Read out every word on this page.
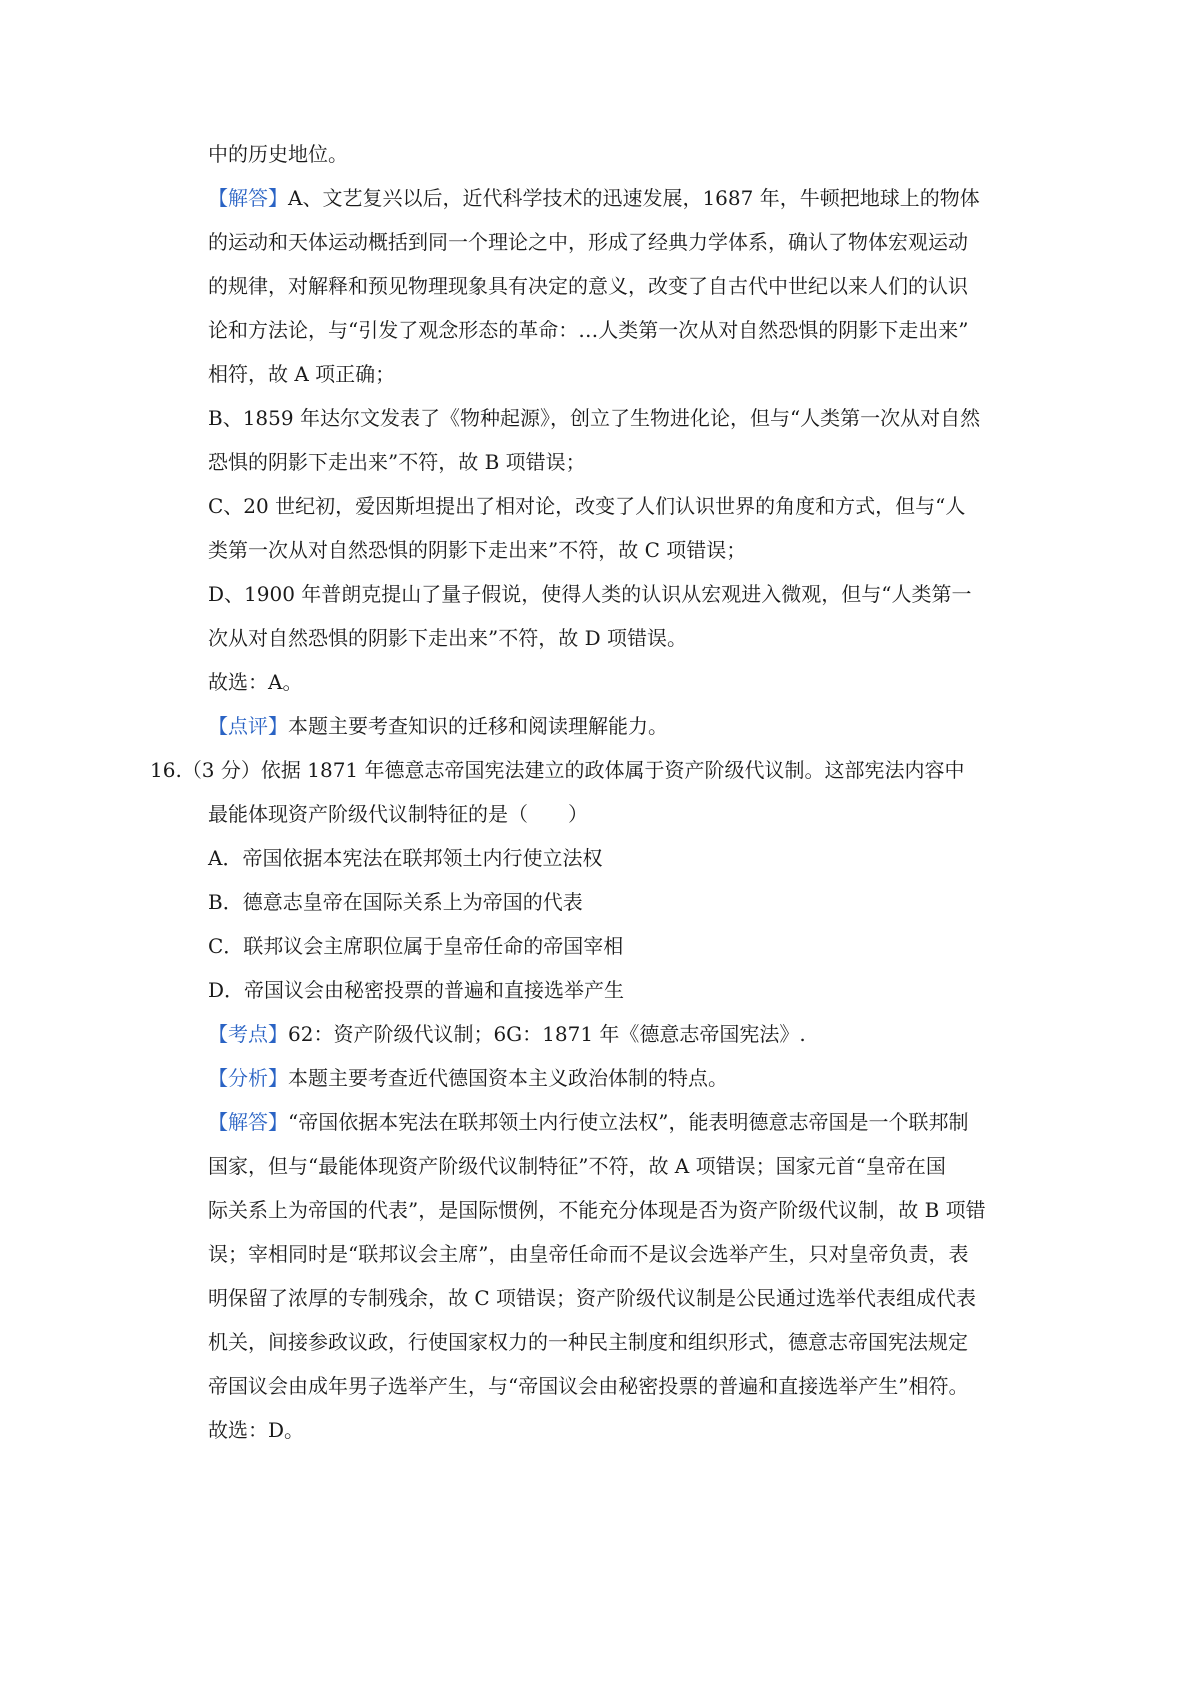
中的历史地位。
【解答】A、文艺复兴以后，近代科学技术的迅速发展，1687 年，牛顿把地球上的物体
的运动和天体运动概括到同一个理论之中，形成了经典力学体系，确认了物体宏观运动
的规律，对解释和预见物理现象具有决定的意义，改变了自古代中世纪以来人们的认识
论和方法论，与“引发了观念形态的革命：…人类第一次从对自然恐惧的阴影下走出来”
相符，故 A 项正确；
B、1859 年达尔文发表了《物种起源》，创立了生物进化论，但与“人类第一次从对自然
恐惧的阴影下走出来”不符，故 B 项错误；
C、20 世纪初，爱因斯坦提出了相对论，改变了人们认识世界的角度和方式，但与“人
类第一次从对自然恐惧的阴影下走出来”不符，故 C 项错误；
D、1900 年普朗克提山了量子假说，使得人类的认识从宏观进入微观，但与“人类第一
次从对自然恐惧的阴影下走出来”不符，故 D 项错误。
故选：A。
【点评】本题主要考查知识的迁移和阅读理解能力。
16.（3 分）依据 1871 年德意志帝国宪法建立的政体属于资产阶级代议制。这部宪法内容中
最能体现资产阶级代议制特征的是（　　）
A．帝国依据本宪法在联邦领土内行使立法权
B．德意志皇帝在国际关系上为帝国的代表
C．联邦议会主席职位属于皇帝任命的帝国宰相
D．帝国议会由秘密投票的普遍和直接选举产生
【考点】62：资产阶级代议制；6G：1871 年《德意志帝国宪法》.
【分析】本题主要考查近代德国资本主义政治体制的特点。
【解答】“帝国依据本宪法在联邦领土内行使立法权”，能表明德意志帝国是一个联邦制
国家，但与“最能体现资产阶级代议制特征”不符，故 A 项错误；国家元首“皇帝在国
际关系上为帝国的代表”，是国际惯例，不能充分体现是否为资产阶级代议制，故 B 项错
误；宰相同时是“联邦议会主席”，由皇帝任命而不是议会选举产生，只对皇帝负责，表
明保留了浓厚的专制残余，故 C 项错误；资产阶级代议制是公民通过选举代表组成代表
机关，间接参政议政，行使国家权力的一种民主制度和组织形式，德意志帝国宪法规定
帝国议会由成年男子选举产生，与“帝国议会由秘密投票的普遍和直接选举产生”相符。
故选：D。
